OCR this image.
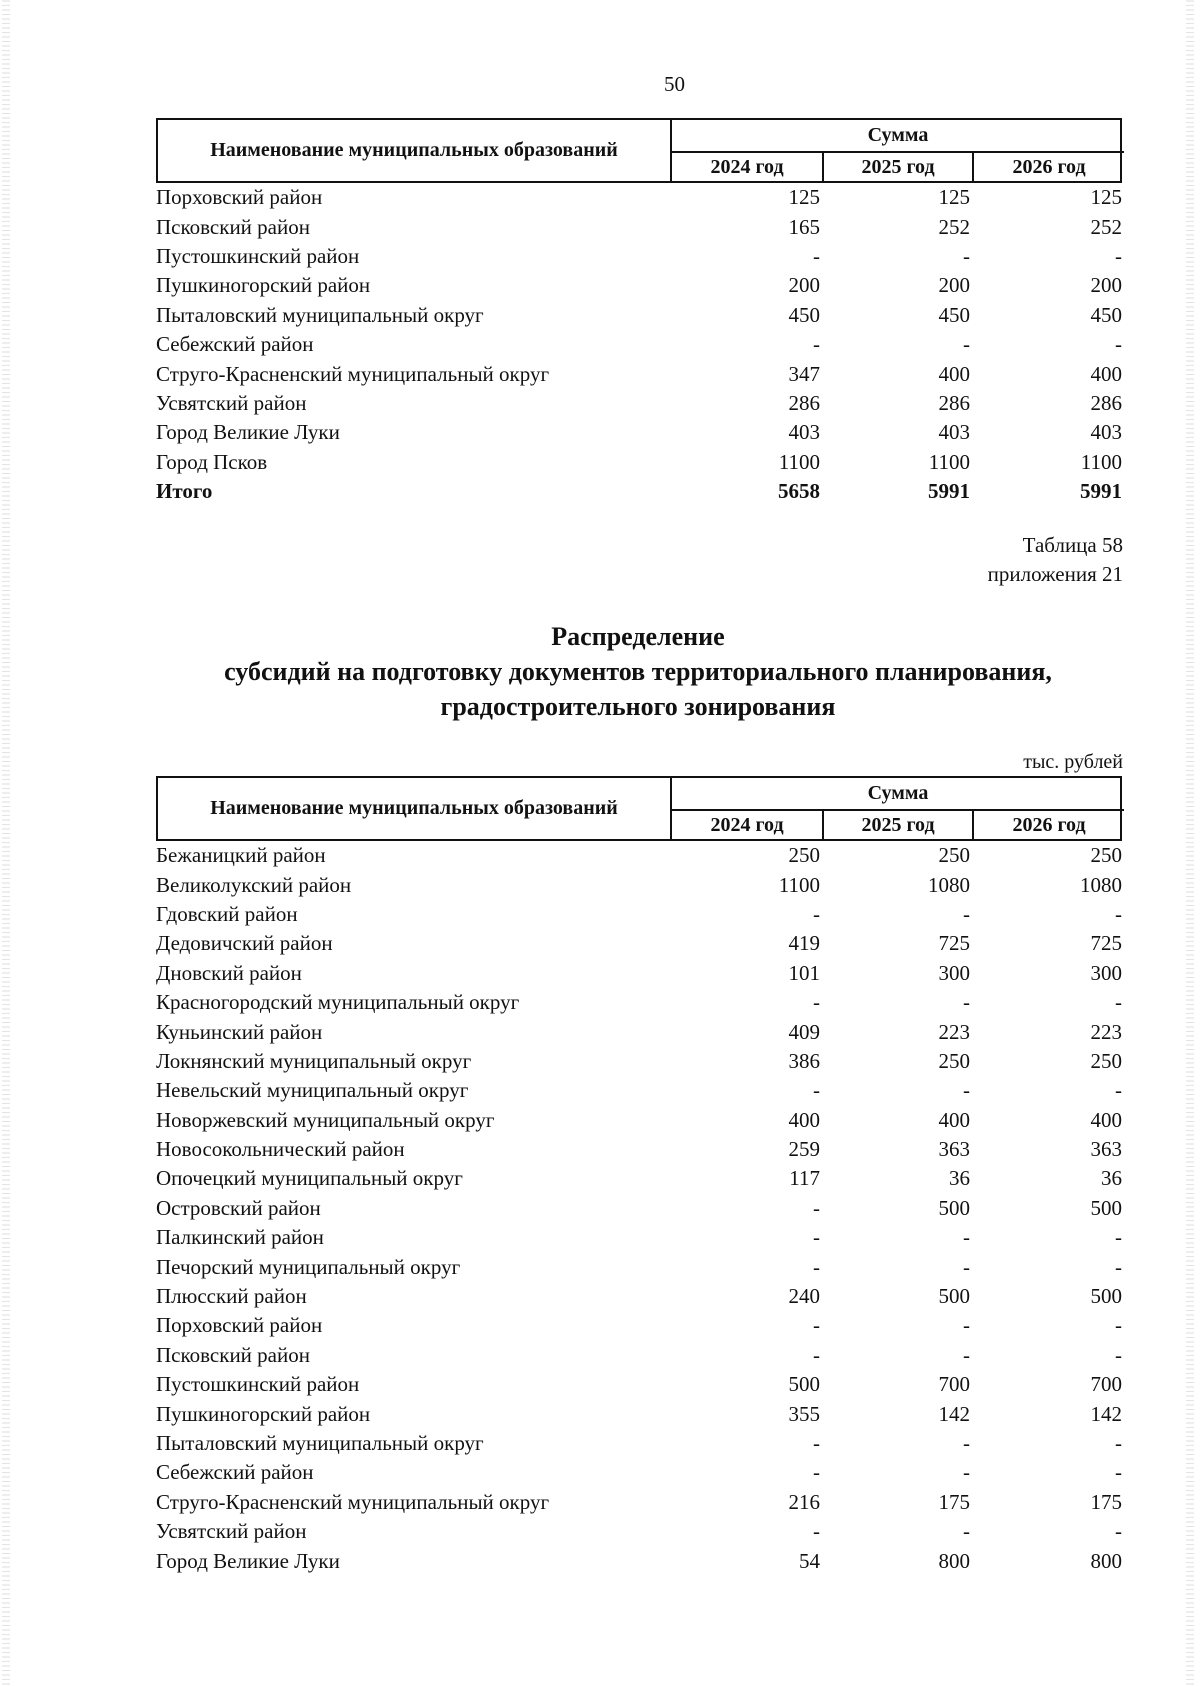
50
Наименование муниципальных образований
Сумма
2024 год	2025 год	2026 год
Порховский район	125	125	125
Псковский район	165	252	252
Пустошкинский район	-	-	-
Пушкиногорский район	200	200	200
Пыталовский муниципальный округ	450	450	450
Себежский район	-	-	-
Струго-Красненский муниципальный округ	347	400	400
Усвятский район	286	286	286
Город Великие Луки	403	403	403
Город Псков	1100	1100	1100
Итого	5658	5991	5991
Таблица 58
приложения 21
Распределение
субсидий на подготовку документов территориального планирования,
градостроительного зонирования
тыс. рублей
Наименование муниципальных образований
Сумма
2024 год	2025 год	2026 год
Бежаницкий район	250	250	250
Великолукский район	1100	1080	1080
Гдовский район	-	-	-
Дедовичский район	419	725	725
Дновский район	101	300	300
Красногородский муниципальный округ	-	-	-
Куньинский район	409	223	223
Локнянский муниципальный округ	386	250	250
Невельский муниципальный округ	-	-	-
Новоржевский муниципальный округ	400	400	400
Новосокольнический район	259	363	363
Опочецкий муниципальный округ	117	36	36
Островский район	-	500	500
Палкинский район	-	-	-
Печорский муниципальный округ	-	-	-
Плюсский район	240	500	500
Порховский район	-	-	-
Псковский район	-	-	-
Пустошкинский район	500	700	700
Пушкиногорский район	355	142	142
Пыталовский муниципальный округ	-	-	-
Себежский район	-	-	-
Струго-Красненский муниципальный округ	216	175	175
Усвятский район	-	-	-
Город Великие Луки	54	800	800
